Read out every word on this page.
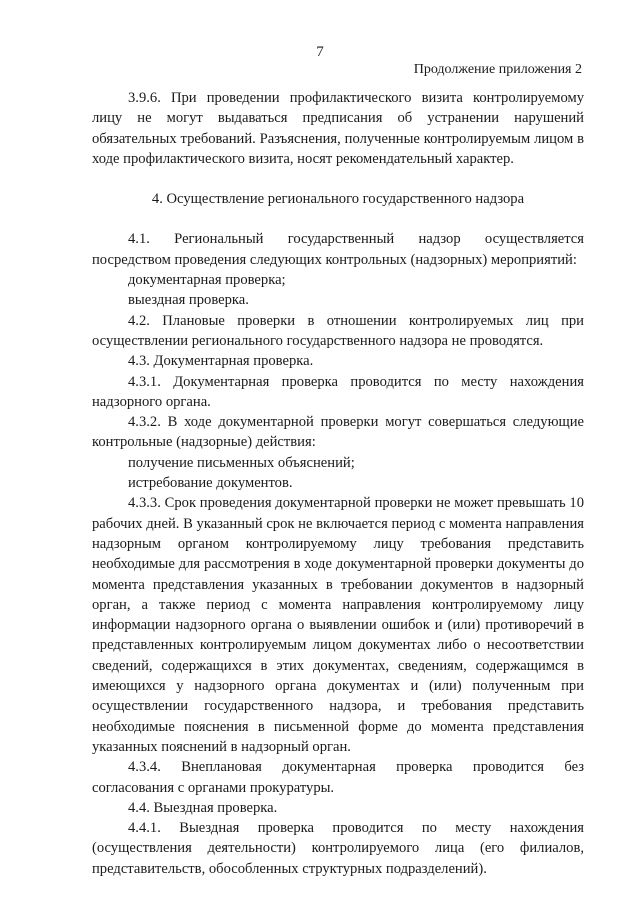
7
Продолжение приложения 2

3.9.6. При проведении профилактического визита контролируемому лицу не могут выдаваться предписания об устранении нарушений обязательных требований. Разъяснения, полученные контролируемым лицом в ходе профилактического визита, носят рекомендательный характер.

4. Осуществление регионального государственного надзора

4.1. Региональный государственный надзор осуществляется посредством проведения следующих контрольных (надзорных) мероприятий:

документарная проверка;

выездная проверка.

4.2. Плановые проверки в отношении контролируемых лиц при осуществлении регионального государственного надзора не проводятся.

4.3. Документарная проверка.

4.3.1. Документарная проверка проводится по месту нахождения надзорного органа.

4.3.2. В ходе документарной проверки могут совершаться следующие контрольные (надзорные) действия:

получение письменных объяснений;

истребование документов.

4.3.3. Срок проведения документарной проверки не может превышать 10 рабочих дней. В указанный срок не включается период с момента направления надзорным органом контролируемому лицу требования представить необходимые для рассмотрения в ходе документарной проверки документы до момента представления указанных в требовании документов в надзорный орган, а также период с момента направления контролируемому лицу информации надзорного органа о выявлении ошибок и (или) противоречий в представленных контролируемым лицом документах либо о несоответствии сведений, содержащихся в этих документах, сведениям, содержащимся в имеющихся у надзорного органа документах и (или) полученным при осуществлении государственного надзора, и требования представить необходимые пояснения в письменной форме до момента представления указанных пояснений в надзорный орган.

4.3.4. Внеплановая документарная проверка проводится без согласования с органами прокуратуры.

4.4. Выездная проверка.

4.4.1. Выездная проверка проводится по месту нахождения (осуществления деятельности) контролируемого лица (его филиалов, представительств, обособленных структурных подразделений).
